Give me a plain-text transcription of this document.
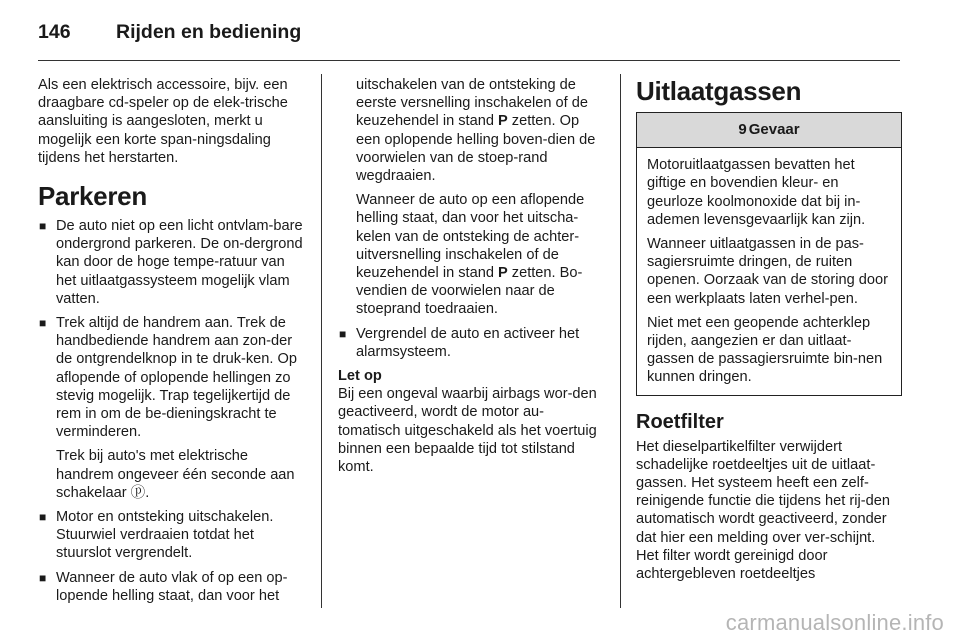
146	Rijden en bediening

Als een elektrisch accessoire, bijv. een draagbare cd-speler op de elek-trische aansluiting is aangesloten, merkt u mogelijk een korte span-ningsdaling tijdens het herstarten.

Parkeren
■ De auto niet op een licht ontvlam-bare ondergrond parkeren. De on-dergrond kan door de hoge tempe-ratuur van het uitlaatgassysteem mogelijk vlam vatten.
■ Trek altijd de handrem aan. Trek de handbediende handrem aan zon-der de ontgrendelknop in te druk-ken. Op aflopende of oplopende hellingen zo stevig mogelijk. Trap tegelijkertijd de rem in om de be-dieningskracht te verminderen.

Trek bij auto's met elektrische handrem ongeveer één seconde aan schakelaar ⓟ.

■ Motor en ontsteking uitschakelen. Stuurwiel verdraaien totdat het stuurslot vergrendelt.
■ Wanneer de auto vlak of op een op-lopende helling staat, dan voor het

uitschakelen van de ontsteking de eerste versnelling inschakelen of de keuzehendel in stand P zetten. Op een oplopende helling boven-dien de voorwielen van de stoep-rand wegdraaien.

Wanneer de auto op een aflopende helling staat, dan voor het uitscha-kelen van de ontsteking de achter-uitversnelling inschakelen of de keuzehendel in stand P zetten. Bo-vendien de voorwielen naar de stoeprand toedraaien.

■ Vergrendel de auto en activeer het alarmsysteem.
Let op

Bij een ongeval waarbij airbags wor-den geactiveerd, wordt de motor au-tomatisch uitgeschakeld als het voertuig binnen een bepaalde tijd tot stilstand komt.

Uitlaatgassen
9 Gevaar

Motoruitlaatgassen bevatten het giftige en bovendien kleur- en geurloze koolmonoxide dat bij in-ademen levensgevaarlijk kan zijn.

Wanneer uitlaatgassen in de pas-sagiersruimte dringen, de ruiten openen. Oorzaak van de storing door een werkplaats laten verhel-pen.

Niet met een geopende achterklep rijden, aangezien er dan uitlaat-gassen de passagiersruimte bin-nen kunnen dringen.

Roetfilter

Het dieselpartikelfilter verwijdert schadelijke roetdeeltjes uit de uitlaat-gassen. Het systeem heeft een zelf-reinigende functie die tijdens het rij-den automatisch wordt geactiveerd, zonder dat hier een melding over ver-schijnt. Het filter wordt gereinigd door achtergebleven roetdeeltjes

carmanualsonline.info
